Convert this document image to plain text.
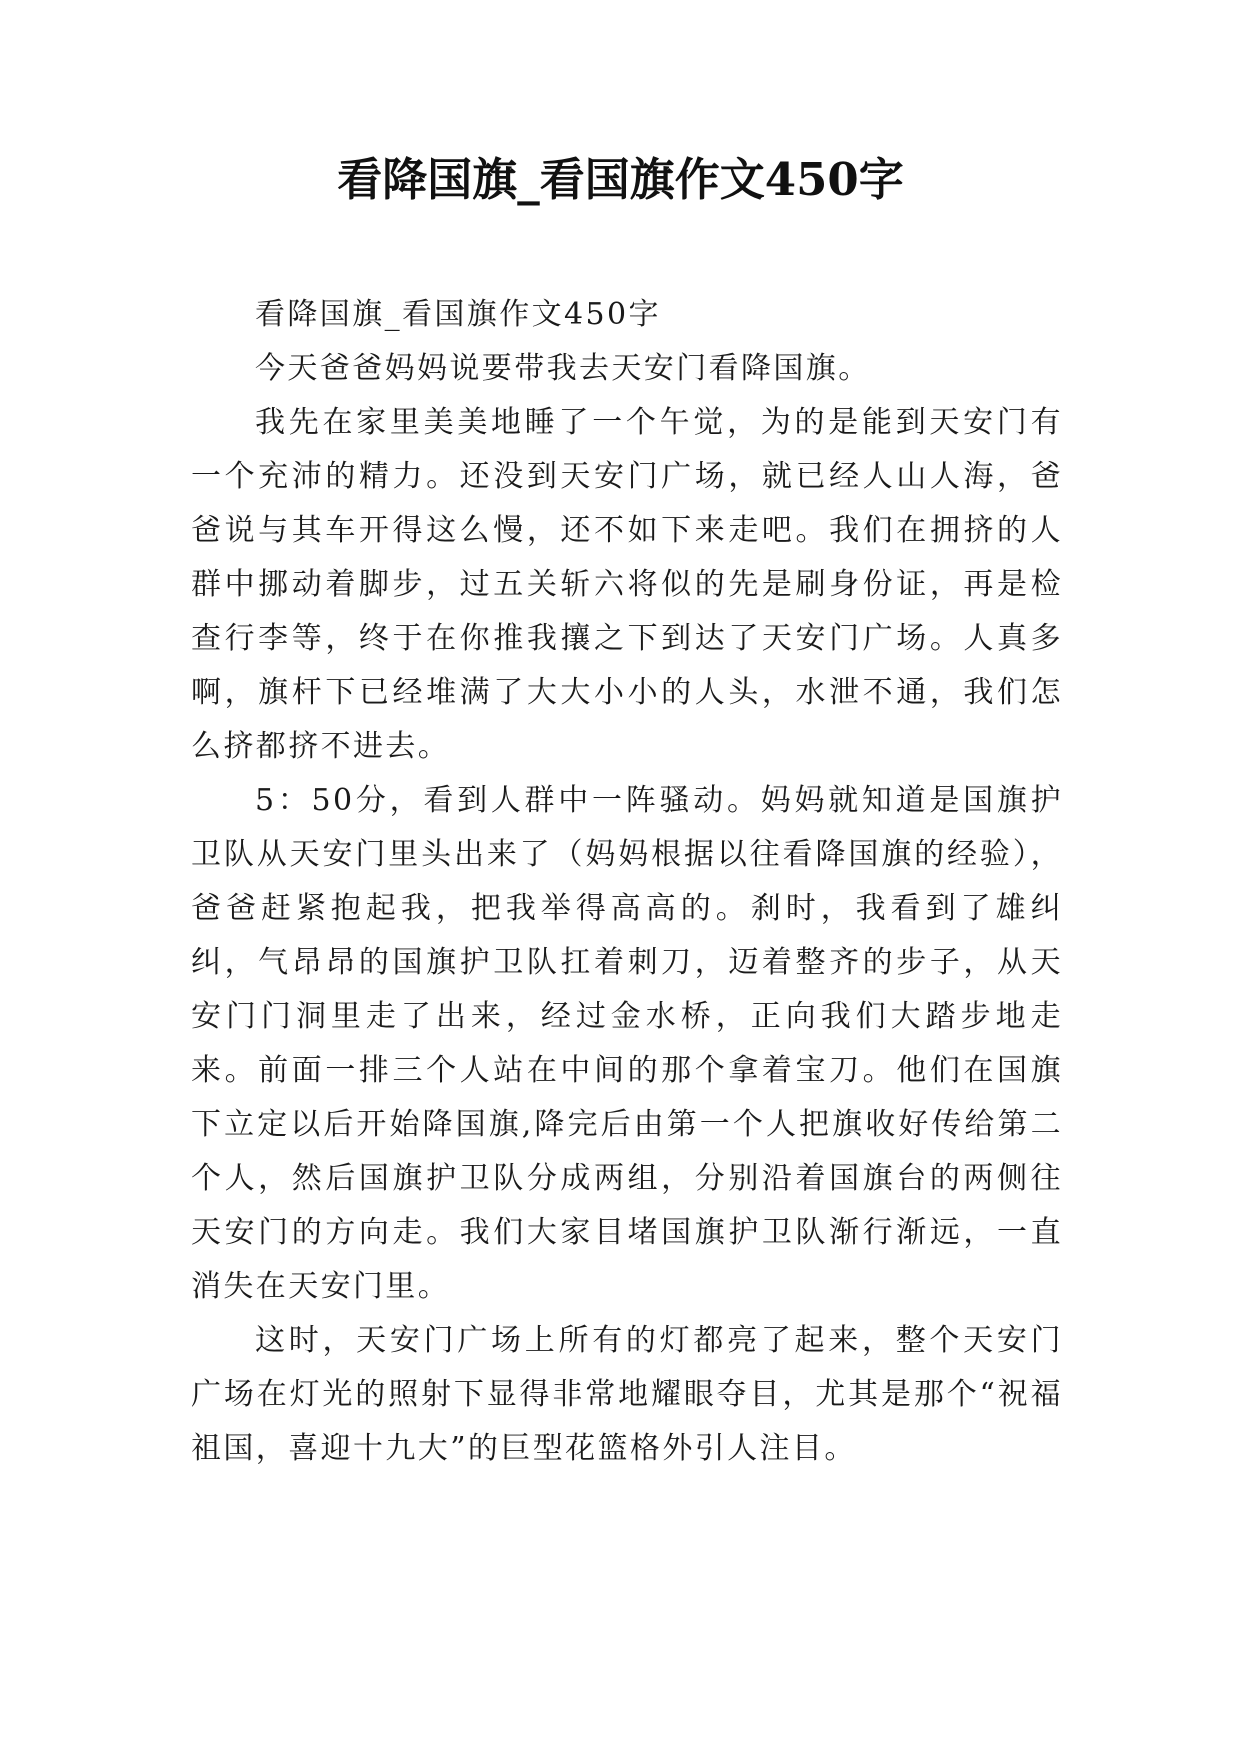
看降国旗_看国旗作文450字

看降国旗_看国旗作文450字

今天爸爸妈妈说要带我去天安门看降国旗。

我先在家里美美地睡了一个午觉，为的是能到天安门有一个充沛的精力。还没到天安门广场，就已经人山人海，爸爸说与其车开得这么慢，还不如下来走吧。我们在拥挤的人群中挪动着脚步，过五关斩六将似的先是刷身份证，再是检查行李等，终于在你推我攘之下到达了天安门广场。人真多啊，旗杆下已经堆满了大大小小的人头，水泄不通，我们怎么挤都挤不进去。

5：50分，看到人群中一阵骚动。妈妈就知道是国旗护卫队从天安门里头出来了（妈妈根据以往看降国旗的经验），爸爸赶紧抱起我，把我举得高高的。刹时，我看到了雄纠纠，气昂昂的国旗护卫队扛着刺刀，迈着整齐的步子，从天安门门洞里走了出来，经过金水桥，正向我们大踏步地走来。前面一排三个人站在中间的那个拿着宝刀。他们在国旗下立定以后开始降国旗,降完后由第一个人把旗收好传给第二个人，然后国旗护卫队分成两组，分别沿着国旗台的两侧往天安门的方向走。我们大家目堵国旗护卫队渐行渐远，一直消失在天安门里。

这时，天安门广场上所有的灯都亮了起来，整个天安门广场在灯光的照射下显得非常地耀眼夺目，尤其是那个“祝福祖国，喜迎十九大”的巨型花篮格外引人注目。
